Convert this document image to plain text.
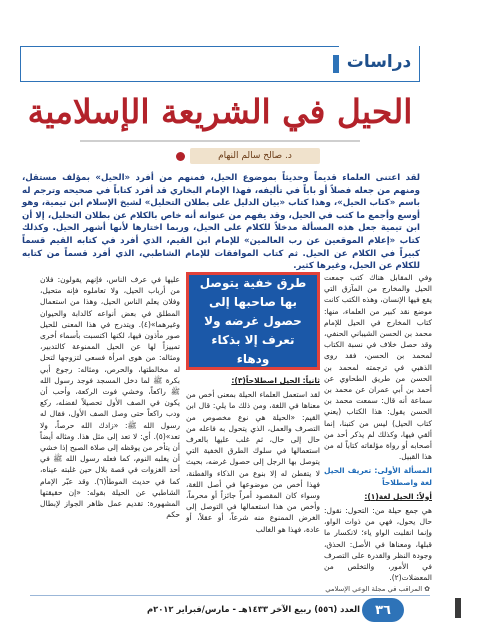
دراسات
الحيل في الشريعة الإسلامية
د. صالح سالم النهام
لقد اعتنى العلماء قديماً وحديثاً بموضوع الحيل، فمنهم من أفرد «الحيل» بمؤلف مستقل، ومنهم من جعله فصلاً أو باباً في تأليفه، فهذا الإمام البخاري قد أفرد كتاباً في صحيحه وترجم له باسم «كتاب الحيل»، وهذا كتاب «بيان الدليل على بطلان التحليل» لشيخ الإسلام ابن تيمية، وهو أوسع وأجمع ما كتب في الحيل، وقد يفهم من عنوانه أنه خاص بالكلام عن بطلان التحليل، إلا أن ابن تيمية جعل هذه المسألة مدخلاً للكلام على الحيل، وربما اختارها لأنها أشهر الحيل. وكذلك كتاب «إعلام الموقعين عن رب العالمين» للإمام ابن القيم، الذي أفرد في كتابه القيم قسماً كبيراً في الكلام عن الحيل. ثم كتاب الموافقات للإمام الشاطبي، الذي أفرد قسماً من كتابه للكلام عن الحيل، وغيرها كثير.

وفي المقابل هناك كتب جمعت الحيل والمخارج من المآزق التي يقع فيها الإنسان، وهذه الكتب كانت موضع نقد كبير من العلماء، منها: كتاب المخارج في الحيل للإمام محمد بن الحسن الشيباني الحنفي، وقد حصل خلاف في نسبة الكتاب لمحمد بن الحسن، فقد روى الذهبي في ترجمته لمحمد بن الحسن من طريق الطحاوي عن أحمد بن أبي عمران عن محمد بن سماعة أنه قال: سمعت محمد بن الحسن يقول: هذا الكتاب (يعني كتاب الحيل) ليس من كتبنا، إنما ألقي فيها، وكذلك لم يذكر أحد من أصحابه أو رواة مؤلفاته كتاباً له من هذا القبيل.

المسألة الأولى: تعريف الحيل لغة واصطلاحاً

أولاً: الحيل لغة(١):

هي جمع حيلة من: التحول: نقول: حال يحول، فهي من ذوات الواو، وإنما انقلبت الواو ياء؛ لانكسار ما قبلها، ومعناها في الأصل: الحذق، وجودة النظر والقدرة على التصرف في الأمور، والتخلص من المعضلات(٢).

طرق خفية يتوصل بها صاحبها إلى حصول غرضه ولا تعرف إلا بذكاء ودهاء

ثانياً: الحيل اصطلاحاً(٣):

لقد استعمل العلماء الحيلة بمعنى أخص من معناها في اللغة، ومن ذلك ما يلي: قال ابن القيم: «الحيلة هي نوع مخصوص من التصرف والعمل، الذي يتحول به فاعله من حال إلى حال، ثم غلب عليها بالعرف استعمالها في سلوك الطرق الخفية التي يتوصل بها الرجل إلى حصول غرضه، بحيث لا يتفطن له إلا بنوع من الذكاء والفطنة، فهذا أخص من موضوعها في أصل اللغة، وسواء كان المقصود أمراً جائزاً أو محرماً، وأخص من هذا استعمالها في التوصل إلى الغرض الممنوع منه شرعاً، أو عقلاً، أو عادة، فهذا هو الغالب

عليها في عرف الناس، فإنهم يقولون: فلان من أرباب الحيل، ولا تعاملوه فإنه متحيل، وفلان يعلم الناس الحيل، وهذا من استعمال المطلق في بعض أنواعه كالدابة والحيوان وغيرهما»(٤). ويتدرج في هذا المعنى للحيل صور مأذون فيها، لكنها اكتسبت بأسماء أخرى تمييزاً لها عن الحيل الممنوعة كالتدبير، ومثاله: من هوى امرأة فسعى لتزوجها لتحل له مخالطتها، والحرص، ومثاله: رجوع أبي بكرة ﷺ لما دخل المسجد فوجد رسول الله ﷺ راكعاً، وخشي فوت الركعة، وأحب أن يكون في الصف الأول تحصيلاً لفضله، ركع ودب راكعاً حتى وصل الصف الأول، فقال له رسول الله ﷺ: «زادك الله حرصاً، ولا تعد»(٥). أي: لا تعد إلى مثل هذا. ومثاله أيضاً أن يتأخر من يوقظه إلى صلاة الصبح إذا خشي أن يغلبه النوم، كما فعله رسول الله ﷺ في أحد الغزوات في قصة بلال حين غلبته عيناه، كما في حديث الموطأ(٦). وقد عبّر الإمام الشاطبي عن الحيلة بقوله: «إن حقيقتها المشهورة: تقديم عمل ظاهر الجواز لإبطال حكم

✿ المراقب في مجلة الوعي الإسلامي
العدد (٥٥٦) ربيع الآخر ١٤٣٣هـ - مارس/فبراير ٢٠١٢م	٣٦
